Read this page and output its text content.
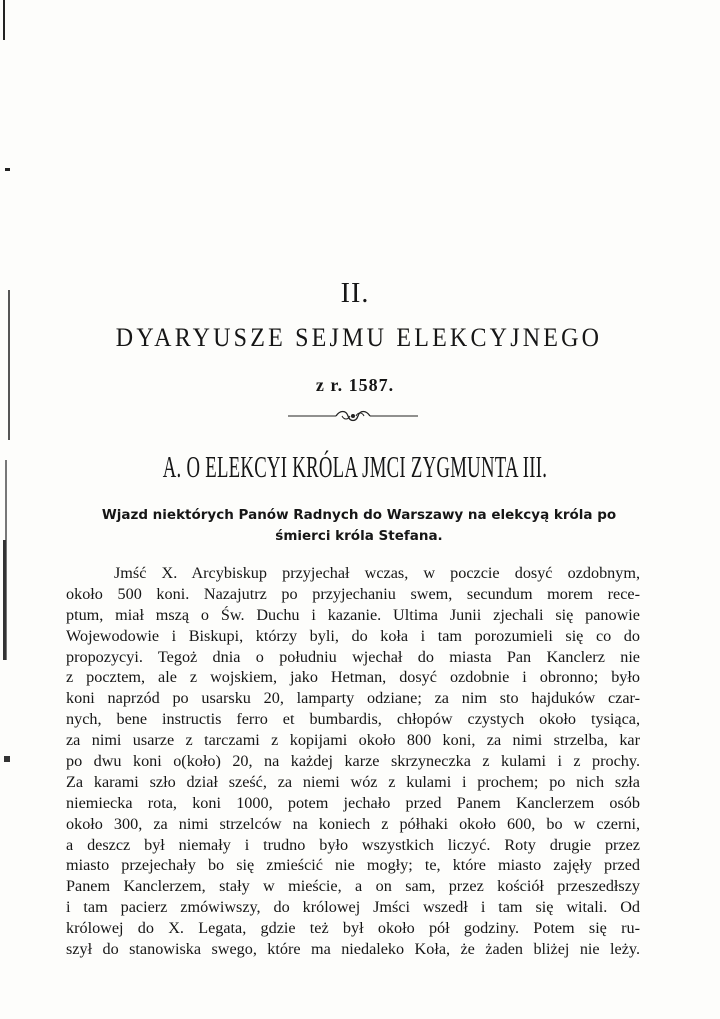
II.
DYARYUSZE SEJMU ELEKCYJNEGO
z r. 1587.
A. O ELEKCYI KRÓLA JMCI ZYGMUNTA III.
Wjazd niektórych Panów Radnych do Warszawy na elekcyą króla po
śmierci króla Stefana.
Jmść X. Arcybiskup przyjechał wczas, w poczcie dosyć ozdobnym,
około 500 koni. Nazajutrz po przyjechaniu swem, secundum morem rece-
ptum, miał mszą o Św. Duchu i kazanie. Ultima Junii zjechali się panowie
Wojewodowie i Biskupi, którzy byli, do koła i tam porozumieli się co do
propozycyi. Tegoż dnia o południu wjechał do miasta Pan Kanclerz nie
z pocztem, ale z wojskiem, jako Hetman, dosyć ozdobnie i obronno; było
koni naprzód po usarsku 20, lamparty odziane; za nim sto hajduków czar-
nych, bene instructis ferro et bumbardis, chłopów czystych około tysiąca,
za nimi usarze z tarczami z kopijami około 800 koni, za nimi strzelba, kar
po dwu koni o(koło) 20, na każdej karze skrzyneczka z kulami i z prochy.
Za karami szło dział sześć, za niemi wóz z kulami i prochem; po nich szła
niemiecka rota, koni 1000, potem jechało przed Panem Kanclerzem osób
około 300, za nimi strzelców na koniech z półhaki około 600, bo w czerni,
a deszcz był niemały i trudno było wszystkich liczyć. Roty drugie przez
miasto przejechały bo się zmieścić nie mogły; te, które miasto zajęły przed
Panem Kanclerzem, stały w mieście, a on sam, przez kościół przeszedłszy
i tam pacierz zmówiwszy, do królowej Jmści wszedł i tam się witali. Od
królowej do X. Legata, gdzie też był około pół godziny. Potem się ru-
szył do stanowiska swego, które ma niedaleko Koła, że żaden bliżej nie leży.
